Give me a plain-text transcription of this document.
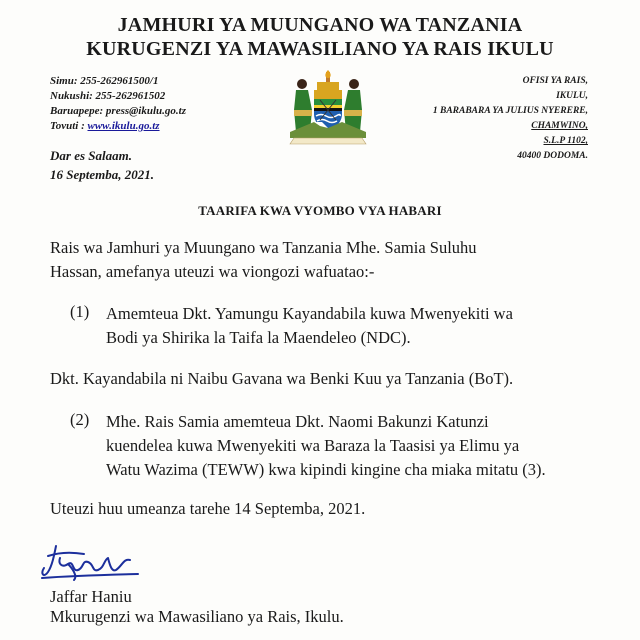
JAMHURI YA MUUNGANO WA TANZANIA
KURUGENZI YA MAWASILIANO YA RAIS IKULU
Simu: 255-262961500/1
Nukushi: 255-262961502
Baruapepe: press@ikulu.go.tz
Tovuti : www.ikulu.go.tz
OFISI YA RAIS,
IKULU,
1 BARABARA YA JULIUS NYERERE,
CHAMWINO,
S.L.P 1102,
40400 DODOMA.
Dar es Salaam.
16 Septemba, 2021.
TAARIFA KWA VYOMBO VYA HABARI
Rais wa Jamhuri ya Muungano wa Tanzania Mhe. Samia Suluhu
Hassan, amefanya uteuzi wa viongozi wafuatao:-
(1) Amemteua Dkt. Yamungu Kayandabila kuwa Mwenyekiti wa
Bodi ya Shirika la Taifa la Maendeleo (NDC).
Dkt. Kayandabila ni Naibu Gavana wa Benki Kuu ya Tanzania (BoT).
(2) Mhe. Rais Samia amemteua Dkt. Naomi Bakunzi Katunzi
kuendelea kuwa Mwenyekiti wa Baraza la Taasisi ya Elimu ya
Watu Wazima (TEWW) kwa kipindi kingine cha miaka mitatu (3).
Uteuzi huu umeanza tarehe 14 Septemba, 2021.
Jaffar Haniu
Mkurugenzi wa Mawasiliano ya Rais, Ikulu.
